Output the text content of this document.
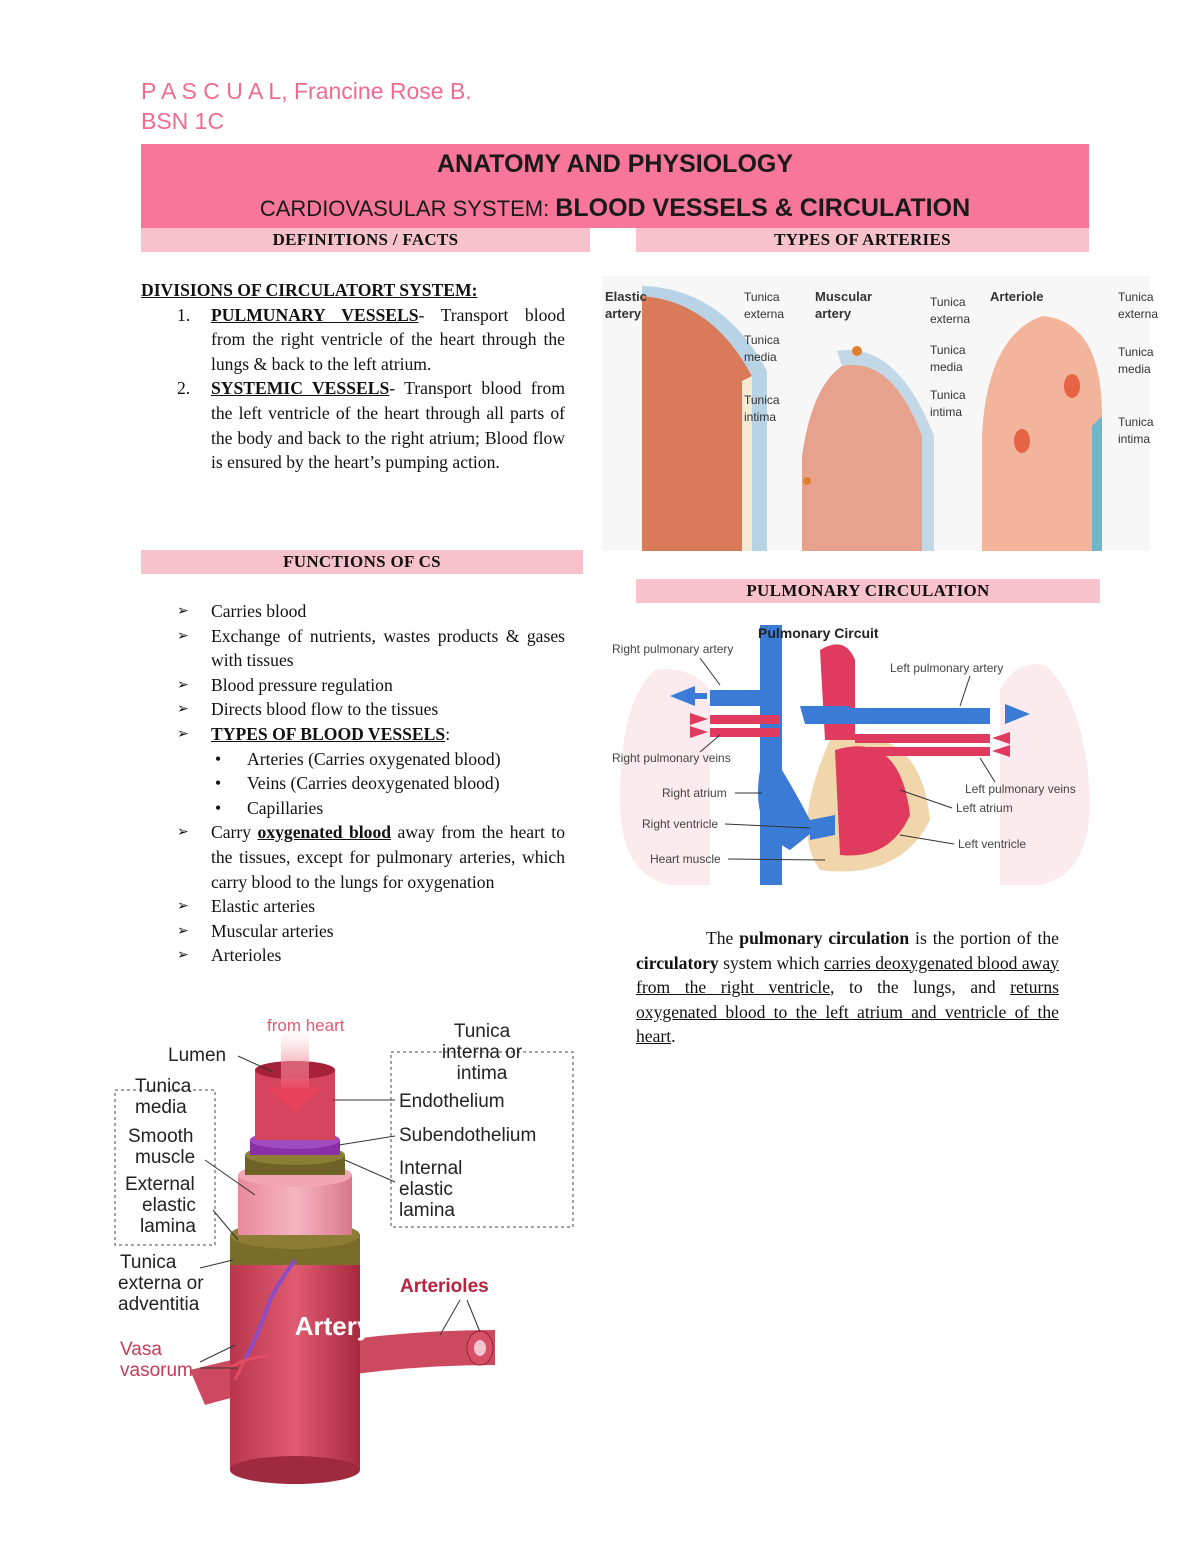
P A S C U A L, Francine Rose B.
BSN 1C
ANATOMY AND PHYSIOLOGY
CARDIOVASULAR SYSTEM: BLOOD VESSELS & CIRCULATION
DEFINITIONS / FACTS	TYPES OF ARTERIES
DIVISIONS OF CIRCULATORT SYSTEM:
1. PULMUNARY VESSELS- Transport blood from the right ventricle of the heart through the lungs & back to the left atrium.
2. SYSTEMIC VESSELS- Transport blood from the left ventricle of the heart through all parts of the body and back to the right atrium; Blood flow is ensured by the heart’s pumping action.
FUNCTIONS OF CS
➢ Carries blood
➢ Exchange of nutrients, wastes products & gases with tissues
➢ Blood pressure regulation
➢ Directs blood flow to the tissues
➢ TYPES OF BLOOD VESSELS:
• Arteries (Carries oxygenated blood)
• Veins (Carries deoxygenated blood)
• Capillaries
➢ Carry oxygenated blood away from the heart to the tissues, except for pulmonary arteries, which carry blood to the lungs for oxygenation
➢ Elastic arteries
➢ Muscular arteries
➢ Arterioles
Artery
from heart
Lumen
Tunica
media
Smooth
muscle
External
elastic
lamina
Tunica
externa or
adventitia
Vasa
vasorum
Tunica
interna or
intima
Endothelium
Subendothelium
Internal
elastic
lamina
Arterioles
Elastic
artery
Tunica
externa
Tunica
media
Tunica
intima
Muscular
artery
Tunica
externa
Tunica
media
Tunica
intima
Arteriole	Tunica
externa
Tunica
media
Tunica
intima
PULMONARY CIRCULATION
Pulmonary Circuit
Right pulmonary artery
Left pulmonary artery
Right pulmonary veins
Left pulmonary veins
Right atrium
Left atrium
Right ventricle
Left ventricle
Heart muscle
The pulmonary circulation is the portion of the circulatory system which carries deoxygenated blood away from the right ventricle, to the lungs, and returns oxygenated blood to the left atrium and ventricle of the heart.
